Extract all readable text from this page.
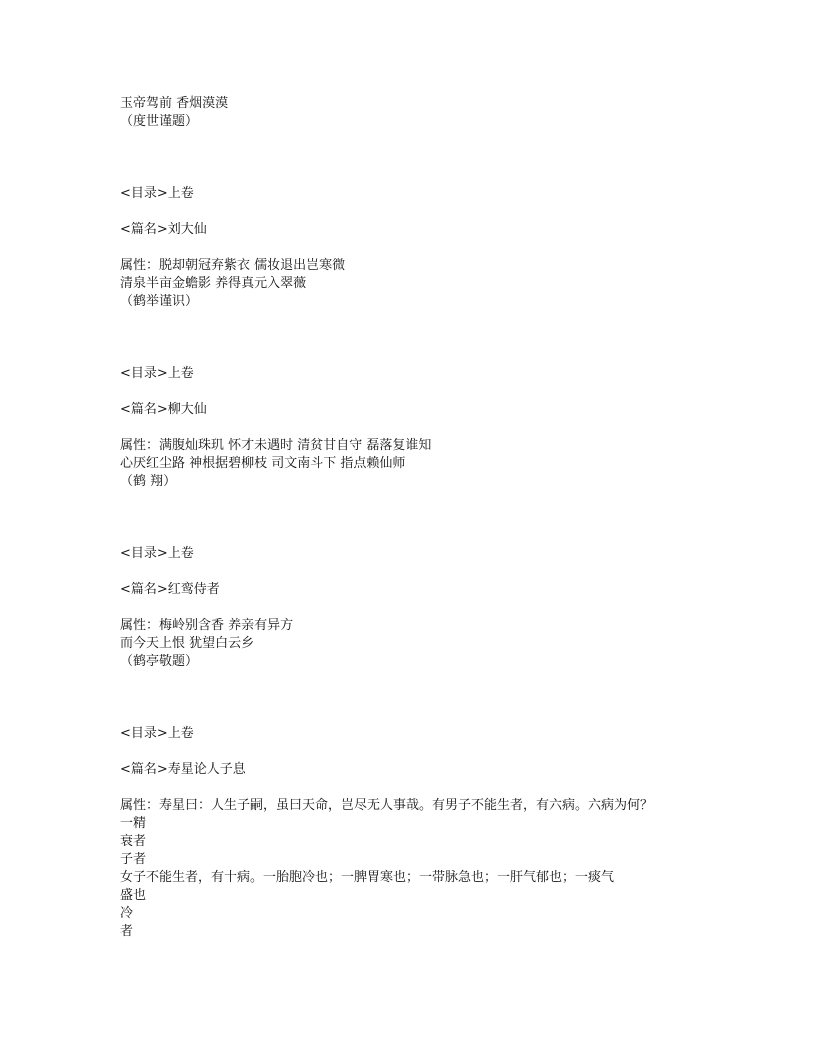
玉帝驾前 香烟漠漠

（度世谨题）

<目录>上卷

<篇名>刘大仙

属性：脱却朝冠弃紫衣 儒妆退出岂寒微

清泉半亩金蟾影 养得真元入翠薇

（鹤举谨识）

<目录>上卷

<篇名>柳大仙

属性：满腹灿珠玑 怀才未遇时 清贫甘自守 磊落复谁知

心厌红尘路 神根据碧柳枝 司文南斗下 指点赖仙师

（鹤 翔）

<目录>上卷

<篇名>红鸾侍者

属性：梅岭别含香 养亲有异方

而今天上恨 犹望白云乡

（鹤亭敬题）

<目录>上卷

<篇名>寿星论人子息

属性：寿星曰：人生子嗣，虽曰天命，岂尽无人事哉。有男子不能生者，有六病。六病为何？

一精

衰者

子者

女子不能生者，有十病。一胎胞冷也；一脾胃寒也；一带脉急也；一肝气郁也；一痰气

盛也

冷

者
